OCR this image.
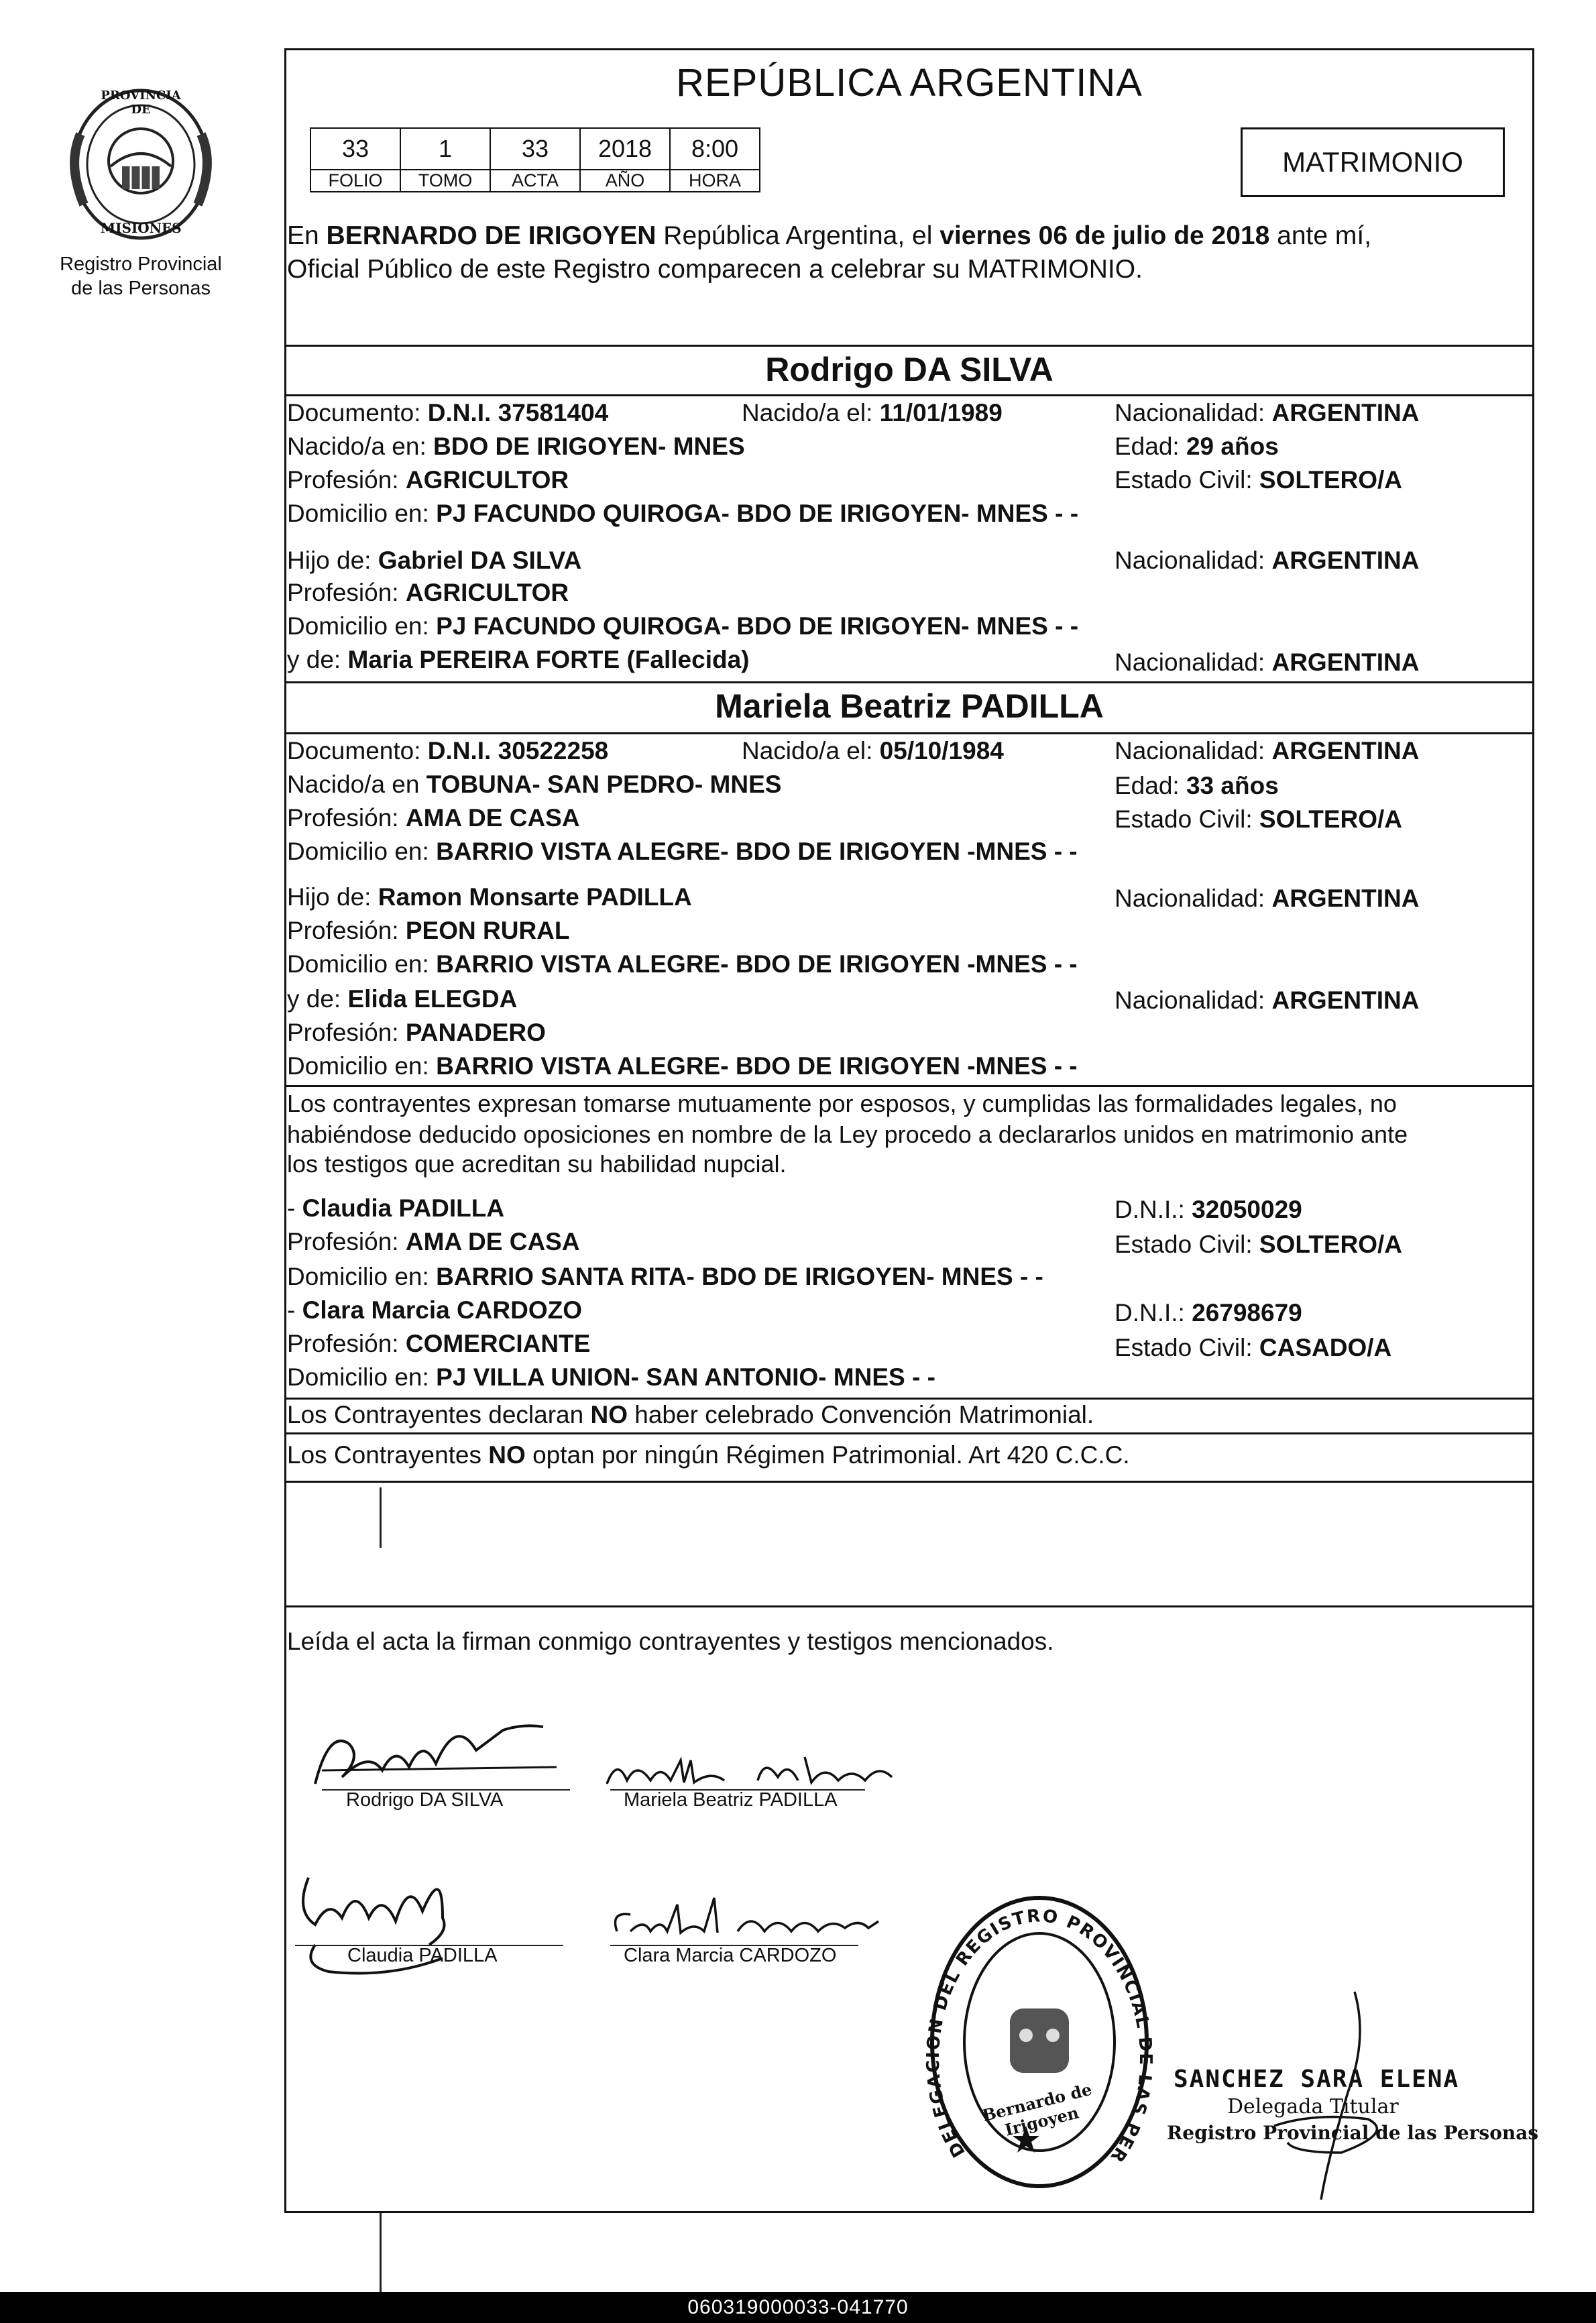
PROVINCIA DE
MISIONES
Registro Provincial
de las Personas
REPÚBLICA ARGENTINA
33	1	33	2018	8:00
FOLIO	TOMO	ACTA	AÑO	HORA
MATRIMONIO
En BERNARDO DE IRIGOYEN República Argentina, el viernes 06 de julio de 2018 ante mí,
Oficial Público de este Registro comparecen a celebrar su MATRIMONIO.
Rodrigo DA SILVA
Documento: D.N.I. 37581404	Nacido/a el: 11/01/1989	Nacionalidad: ARGENTINA
Nacido/a en: BDO DE IRIGOYEN- MNES	Edad: 29 años
Profesión: AGRICULTOR	Estado Civil: SOLTERO/A
Domicilio en: PJ FACUNDO QUIROGA- BDO DE IRIGOYEN- MNES - -
Hijo de: Gabriel DA SILVA	Nacionalidad: ARGENTINA
Profesión: AGRICULTOR
Domicilio en: PJ FACUNDO QUIROGA- BDO DE IRIGOYEN- MNES - -
y de: Maria PEREIRA FORTE (Fallecida)	Nacionalidad: ARGENTINA
Mariela Beatriz PADILLA
Documento: D.N.I. 30522258	Nacido/a el: 05/10/1984	Nacionalidad: ARGENTINA
Nacido/a en TOBUNA- SAN PEDRO- MNES	Edad: 33 años
Profesión: AMA DE CASA	Estado Civil: SOLTERO/A
Domicilio en: BARRIO VISTA ALEGRE- BDO DE IRIGOYEN -MNES - -
Hijo de: Ramon Monsarte PADILLA	Nacionalidad: ARGENTINA
Profesión: PEON RURAL
Domicilio en: BARRIO VISTA ALEGRE- BDO DE IRIGOYEN -MNES - -
y de: Elida ELEGDA	Nacionalidad: ARGENTINA
Profesión: PANADERO
Domicilio en: BARRIO VISTA ALEGRE- BDO DE IRIGOYEN -MNES - -
Los contrayentes expresan tomarse mutuamente por esposos, y cumplidas las formalidades legales, no
habiéndose deducido oposiciones en nombre de la Ley procedo a declararlos unidos en matrimonio ante
los testigos que acreditan su habilidad nupcial.
- Claudia PADILLA	D.N.I.: 32050029
Profesión: AMA DE CASA	Estado Civil: SOLTERO/A
Domicilio en: BARRIO SANTA RITA- BDO DE IRIGOYEN- MNES - -
- Clara Marcia CARDOZO	D.N.I.: 26798679
Profesión: COMERCIANTE	Estado Civil: CASADO/A
Domicilio en: PJ VILLA UNION- SAN ANTONIO- MNES - -
Los Contrayentes declaran NO haber celebrado Convención Matrimonial.
Los Contrayentes NO optan por ningún Régimen Patrimonial. Art 420 C.C.C.
Leída el acta la firman conmigo contrayentes y testigos mencionados.
Rodrigo DA SILVA	Mariela Beatriz PADILLA
Claudia PADILLA	Clara Marcia CARDOZO
DELEGA ON DEL REGISTRO PROVINCIAL D LAS PER
Bernardo de Irigoyen
SANCHEZ SARA ELENA
Delegada Titular
Registro Provincial de las Personas
060319000033-041770
